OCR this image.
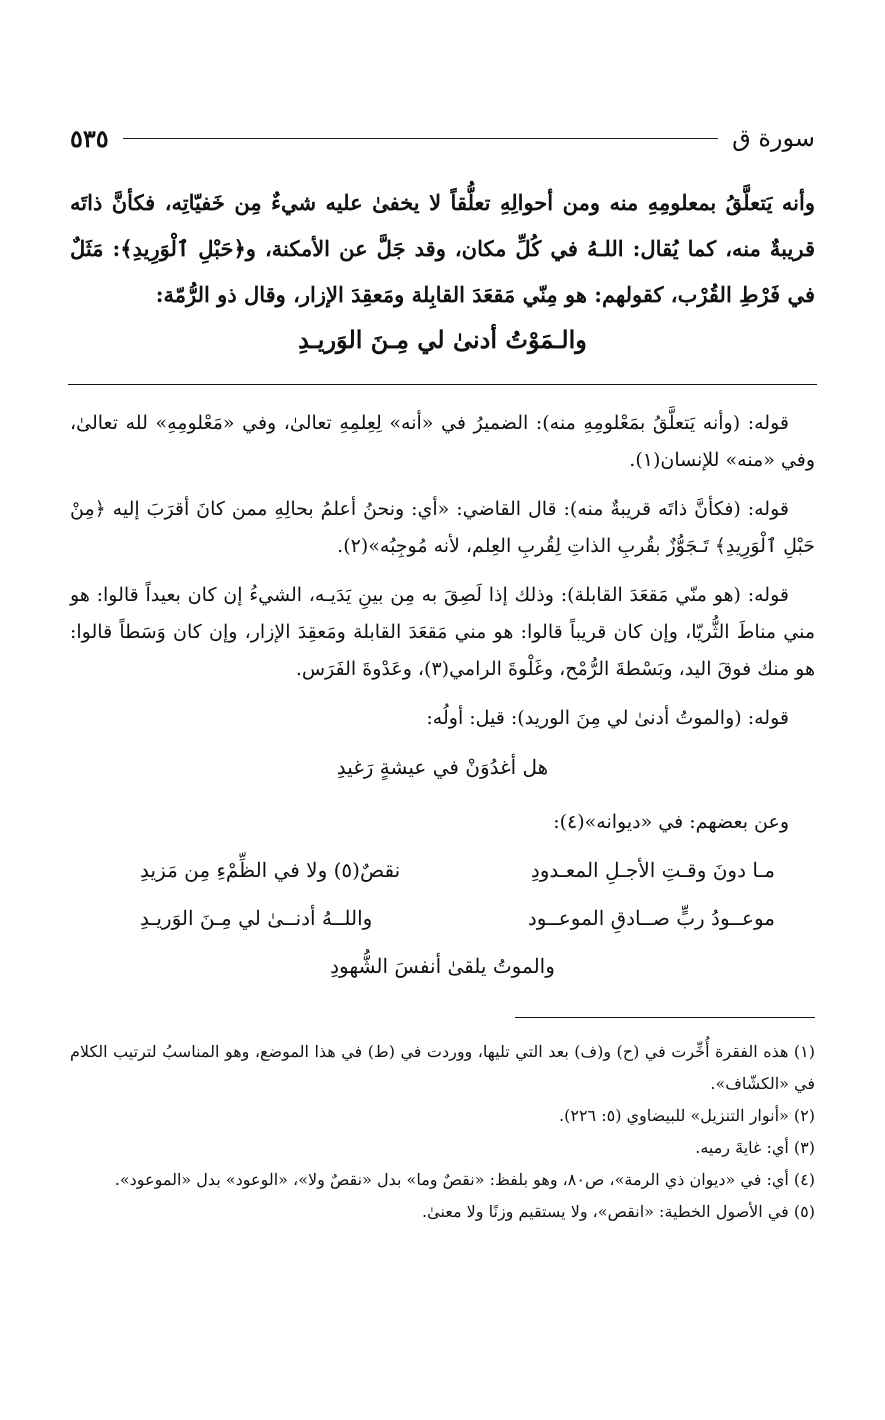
سورة ق
٥٣٥

وأنه يَتعلَّقُ بمعلومِهِ منه ومن أحوالِهِ تعلُّقاً لا يخفىٰ عليه شيءٌ مِن خَفيّاتِه، فكأنَّ ذاتَه قريبةٌ منه، كما يُقال: اللـهُ في كُلِّ مكان، وقد جَلَّ عن الأمكنة، و﴿حَبْلِ ٱلْوَرِيدِ﴾: مَثَلٌ في فَرْطِ القُرْب، كقولهم: هو مِنّي مَقعَدَ القابِلة ومَعقِدَ الإزار، وقال ذو الرُّمّة:

والـمَوْتُ أدنىٰ لي مِـنَ الوَريـدِ

قوله: (وأنه يَتعلَّقُ بمَعْلومِهِ منه): الضميرُ في «أنه» لِعِلمِهِ تعالىٰ، وفي «مَعْلومِهِ» لله تعالىٰ، وفي «منه» للإنسان(١).

قوله: (فكأنَّ ذاتَه قريبةٌ منه): قال القاضي: «أي: ونحنُ أعلمُ بحالِهِ ممن كانَ أقرَبَ إليه ﴿مِنْ حَبْلِ ٱلْوَرِيدِ﴾ تَـجَوُّزٌ بقُربِ الذاتِ لِقُربِ العِلم، لأنه مُوجِبُه»(٢).

قوله: (هو منّي مَقعَدَ القابلة): وذلك إذا لَصِقَ به مِن بينِ يَدَيـه، الشيءُ إن كان بعيداً قالوا: هو مني مناطَ الثُّريّا، وإن كان قريباً قالوا: هو مني مَقعَدَ القابلة ومَعقِدَ الإزار، وإن كان وَسَطاً قالوا: هو منك فوقَ اليد، وبَسْطةَ الرُّمْح، وغَلْوةَ الرامي(٣)، وعَدْوةَ الفَرَس.

قوله: (والموتُ أدنىٰ لي مِنَ الوريد): قيل: أولُه:

هل أغدُوَنْ في عيشةٍ رَغيدِ

وعن بعضهم: في «ديوانه»(٤):

مـا دونَ وقـتِ الأجـلِ المعـدودِ
نقصٌ(٥) ولا في الظِّمْءِ مِن مَزيدِ
موعــودُ ربٍّ صــادقِ الموعــود
واللــهُ أدنــىٰ لي مِـنَ الوَريـدِ
والموتُ يلقىٰ أنفسَ الشُّهودِ

(١) هذه الفقرة أُخِّرت في (ح) و(ف) بعد التي تليها، ووردت في (ط) في هذا الموضع، وهو المناسبُ لترتيب الكلام في «الكشّاف».

(٢) «أنوار التنزيل» للبيضاوي (٥: ٢٢٦).

(٣) أي: غايةَ رميه.

(٤) أي: في «ديوان ذي الرمة»، ص٨٠، وهو بلفظ: «نقصٌ وما» بدل «نقصٌ ولا»، «الوعود» بدل «الموعود».

(٥) في الأصول الخطية: «انقص»، ولا يستقيم وزنًا ولا معنىٰ.
